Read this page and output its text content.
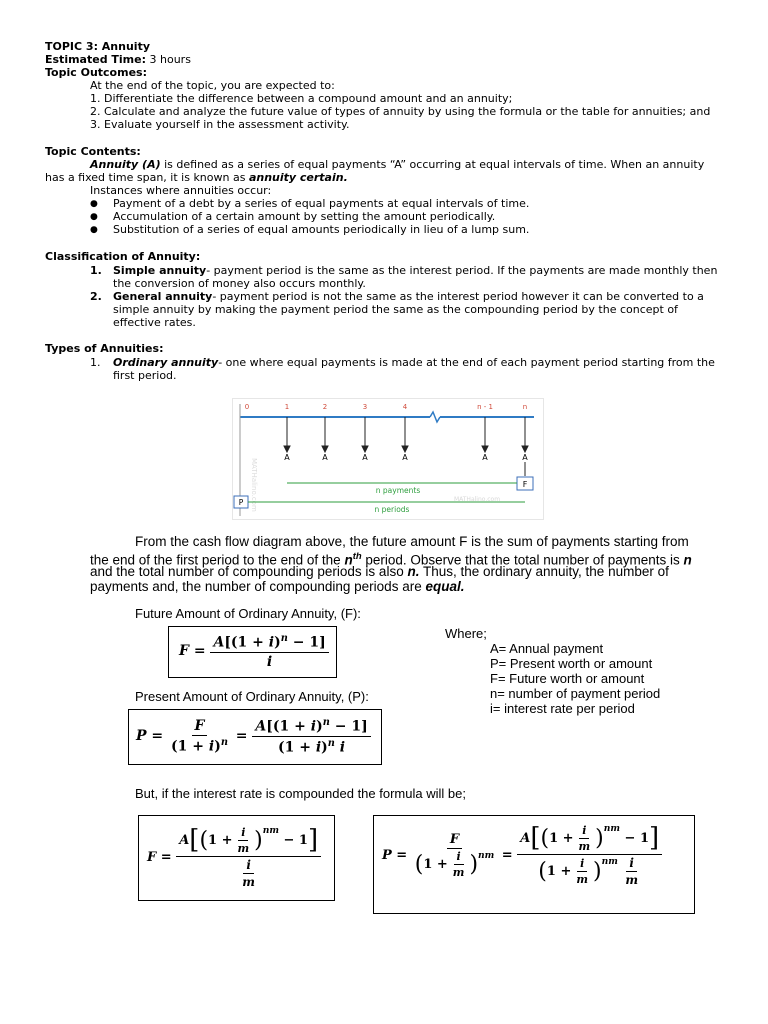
TOPIC 3: Annuity
Estimated Time: 3 hours
Topic Outcomes:
At the end of the topic, you are expected to:
1. Differentiate the difference between a compound amount and an annuity;
2. Calculate and analyze the future value of types of annuity by using the formula or the table for annuities; and
3. Evaluate yourself in the assessment activity.
Topic Contents:
Annuity (A) is defined as a series of equal payments “A” occurring at equal intervals of time. When an annuity
has a fixed time span, it is known as annuity certain.
Instances where annuities occur:
● Payment of a debt by a series of equal payments at equal intervals of time.
● Accumulation of a certain amount by setting the amount periodically.
● Substitution of a series of equal amounts periodically in lieu of a lump sum.
Classification of Annuity:
1. Simple annuity- payment period is the same as the interest period. If the payments are made monthly then
the conversion of money also occurs monthly.
2. General annuity- payment period is not the same as the interest period however it can be converted to a
simple annuity by making the payment period the same as the compounding period by the concept of
effective rates.
Types of Annuities:
1. Ordinary annuity- one where equal payments is made at the end of each payment period starting from the
first period.
MATHalino.com
0	1	2	3	4	n - 1	n
A	A	A	A	A	A
F
n payments
MATHalino.com
P
n periods
From the cash flow diagram above, the future amount F is the sum of payments starting from
the end of the first period to the end of the $n^{th}$ period. Observe that the total number of payments is n
and the total number of compounding periods is also n. Thus, the ordinary annuity, the number of
payments and, the number of compounding periods are equal.
Future Amount of Ordinary Annuity, (F):
$F = \frac{A[(1 + i)^n - 1]}{i}$	Where;
A= Annual payment
P= Present worth or amount
F= Future worth or amount
n= number of payment period
i= interest rate per period
Present Amount of Ordinary Annuity, (P):
$P = \frac{F}{(1 + i)^n} = \frac{A[(1 + i)^n - 1]}{(1 + i)^n i}$
But, if the interest rate is compounded the formula will be;
F = A [ ( $1 + \frac{i}{m} )^{nm}$
− 1 ]
$\frac{i}{m}$	$P = \frac{F}{( 1 + \frac{i}{m} )^{nm}} = A$ [ ( $1 + \frac{i}{m} )^{nm}$
− 1 ]
( $1 + \frac{i}{m} )^{nm}$
$\frac{i}{m}$
